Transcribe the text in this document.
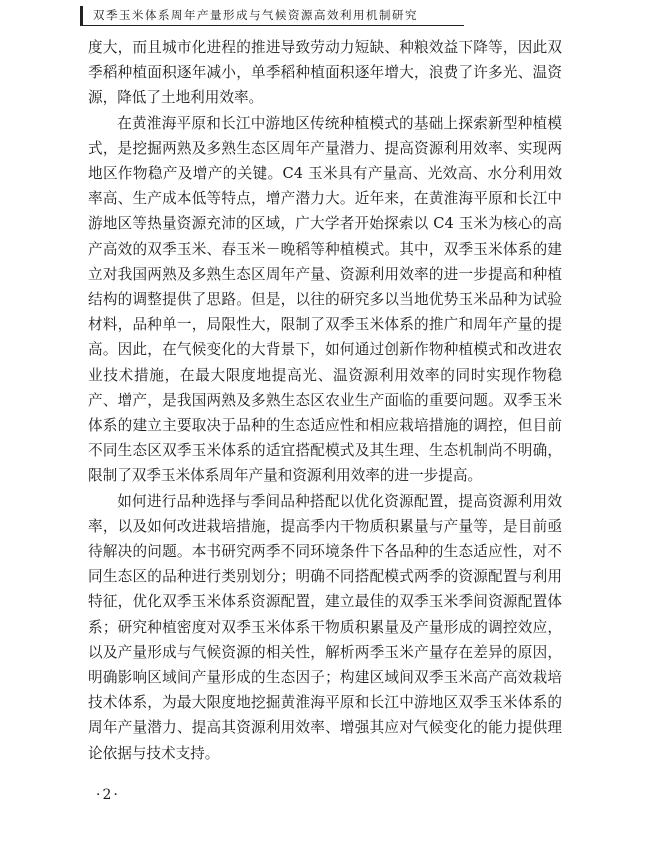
双季玉米体系周年产量形成与气候资源高效利用机制研究

度大，而且城市化进程的推进导致劳动力短缺、种粮效益下降等，因此双季稻种植面积逐年减小，单季稻种植面积逐年增大，浪费了许多光、温资源，降低了土地利用效率。

在黄淮海平原和长江中游地区传统种植模式的基础上探索新型种植模式，是挖掘两熟及多熟生态区周年产量潜力、提高资源利用效率、实现两地区作物稳产及增产的关键。C4 玉米具有产量高、光效高、水分利用效率高、生产成本低等特点，增产潜力大。近年来，在黄淮海平原和长江中游地区等热量资源充沛的区域，广大学者开始探索以 C4 玉米为核心的高产高效的双季玉米、春玉米－晚稻等种植模式。其中，双季玉米体系的建立对我国两熟及多熟生态区周年产量、资源利用效率的进一步提高和种植结构的调整提供了思路。但是，以往的研究多以当地优势玉米品种为试验材料，品种单一，局限性大，限制了双季玉米体系的推广和周年产量的提高。因此，在气候变化的大背景下，如何通过创新作物种植模式和改进农业技术措施，在最大限度地提高光、温资源利用效率的同时实现作物稳产、增产，是我国两熟及多熟生态区农业生产面临的重要问题。双季玉米体系的建立主要取决于品种的生态适应性和相应栽培措施的调控，但目前不同生态区双季玉米体系的适宜搭配模式及其生理、生态机制尚不明确，限制了双季玉米体系周年产量和资源利用效率的进一步提高。

如何进行品种选择与季间品种搭配以优化资源配置，提高资源利用效率，以及如何改进栽培措施，提高季内干物质积累量与产量等，是目前亟待解决的问题。本书研究两季不同环境条件下各品种的生态适应性，对不同生态区的品种进行类别划分；明确不同搭配模式两季的资源配置与利用特征，优化双季玉米体系资源配置，建立最佳的双季玉米季间资源配置体系；研究种植密度对双季玉米体系干物质积累量及产量形成的调控效应，以及产量形成与气候资源的相关性，解析两季玉米产量存在差异的原因，明确影响区域间产量形成的生态因子；构建区域间双季玉米高产高效栽培技术体系，为最大限度地挖掘黄淮海平原和长江中游地区双季玉米体系的周年产量潜力、提高其资源利用效率、增强其应对气候变化的能力提供理论依据与技术支持。

·2·
